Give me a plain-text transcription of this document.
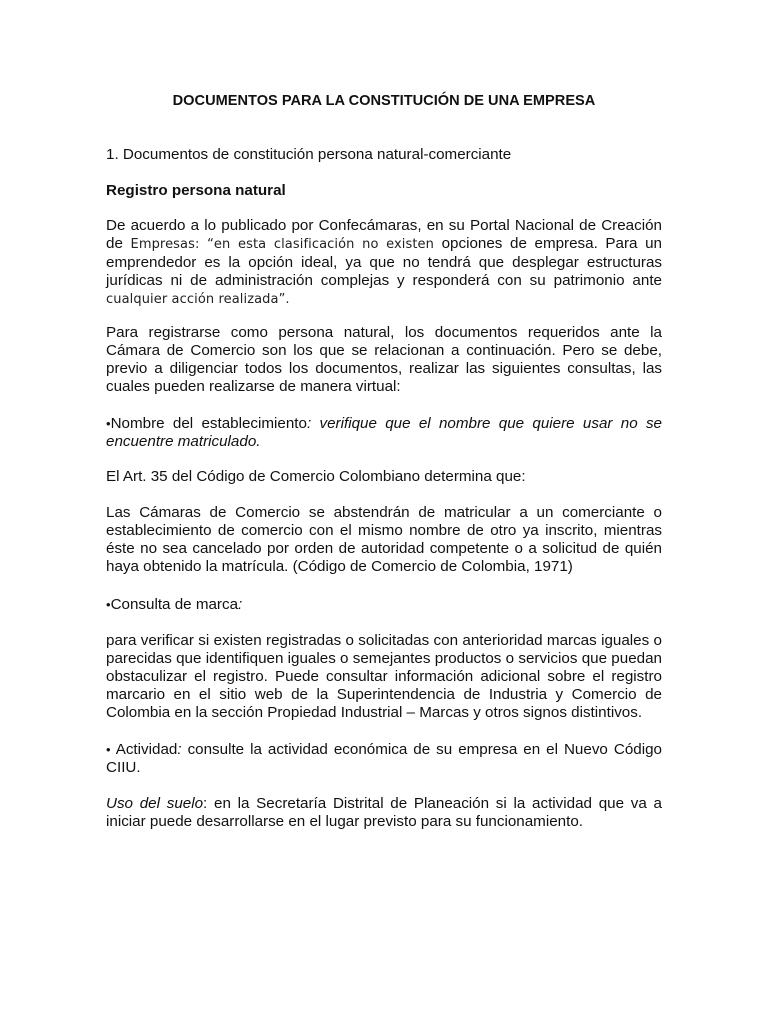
DOCUMENTOS PARA LA CONSTITUCIÓN DE UNA EMPRESA

1. Documentos de constitución persona natural-comerciante

Registro persona natural

De acuerdo a lo publicado por Confecámaras, en su Portal Nacional de Creación de Empresas: “en esta clasificación no existen opciones de empresa. Para un emprendedor es la opción ideal, ya que no tendrá que desplegar estructuras jurídicas ni de administración complejas y responderá con su patrimonio ante cualquier acción realizada”.

Para registrarse como persona natural, los documentos requeridos ante la Cámara de Comercio son los que se relacionan a continuación. Pero se debe, previo a diligenciar todos los documentos, realizar las siguientes consultas, las cuales pueden realizarse de manera virtual:

•Nombre del establecimiento: verifique que el nombre que quiere usar no se encuentre matriculado.

El Art. 35 del Código de Comercio Colombiano determina que:

Las Cámaras de Comercio se abstendrán de matricular a un comerciante o establecimiento de comercio con el mismo nombre de otro ya inscrito, mientras éste no sea cancelado por orden de autoridad competente o a solicitud de quién haya obtenido la matrícula. (Código de Comercio de Colombia, 1971)

•Consulta de marca:

para verificar si existen registradas o solicitadas con anterioridad marcas iguales o parecidas que identifiquen iguales o semejantes productos o servicios que puedan obstaculizar el registro. Puede consultar información adicional sobre el registro marcario en el sitio web de la Superintendencia de Industria y Comercio de Colombia en la sección Propiedad Industrial – Marcas y otros signos distintivos.

• Actividad: consulte la actividad económica de su empresa en el Nuevo Código CIIU.

Uso del suelo: en la Secretaría Distrital de Planeación si la actividad que va a iniciar puede desarrollarse en el lugar previsto para su funcionamiento.
